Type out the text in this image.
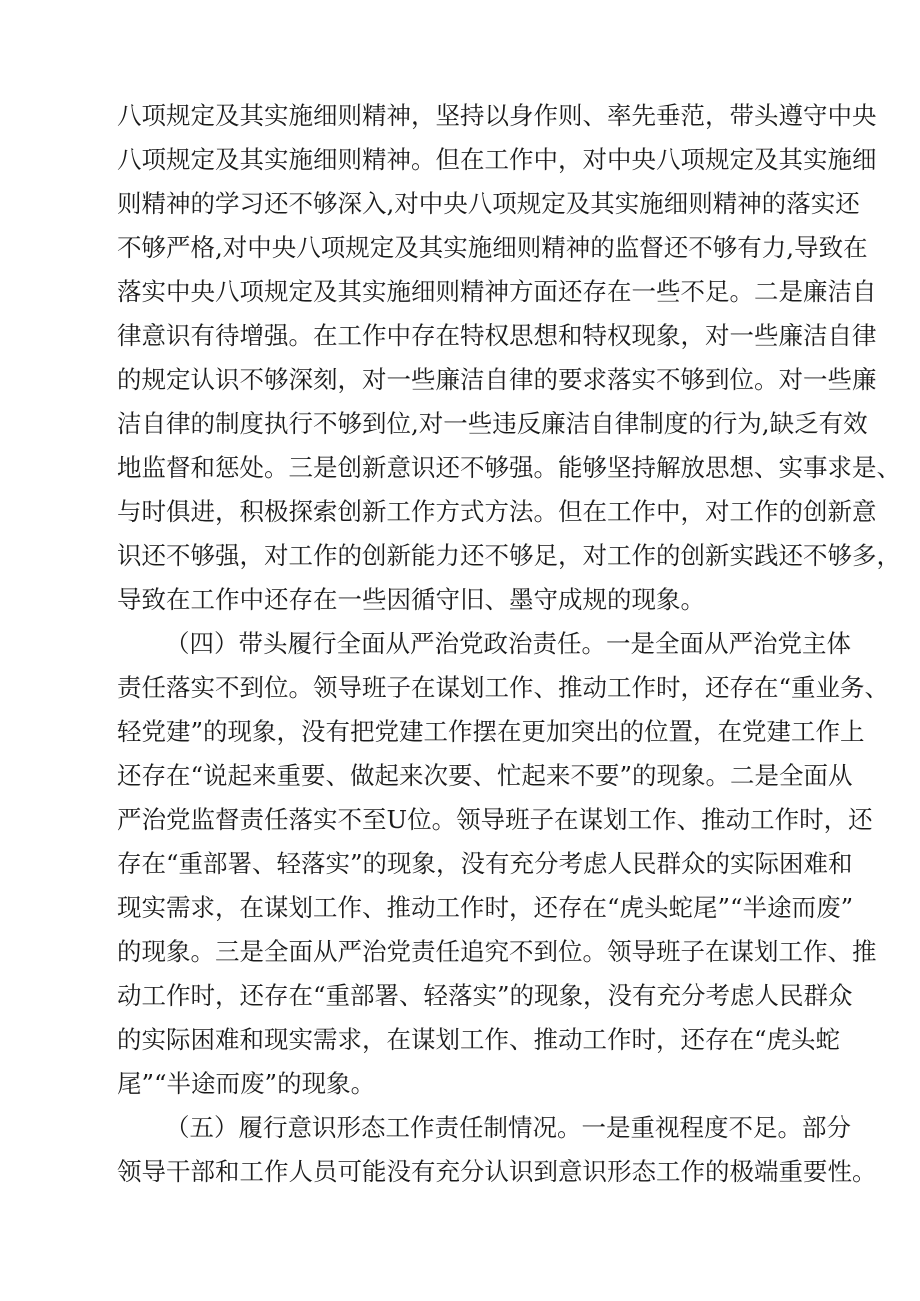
八项规定及其实施细则精神，坚持以身作则、率先垂范，带头遵守中央
八项规定及其实施细则精神。但在工作中，对中央八项规定及其实施细
则精神的学习还不够深入,对中央八项规定及其实施细则精神的落实还
不够严格,对中央八项规定及其实施细则精神的监督还不够有力,导致在
落实中央八项规定及其实施细则精神方面还存在一些不足。二是廉洁自
律意识有待增强。在工作中存在特权思想和特权现象，对一些廉洁自律
的规定认识不够深刻，对一些廉洁自律的要求落实不够到位。对一些廉
洁自律的制度执行不够到位,对一些违反廉洁自律制度的行为,缺乏有效
地监督和惩处。三是创新意识还不够强。能够坚持解放思想、实事求是、
与时俱进，积极探索创新工作方式方法。但在工作中，对工作的创新意
识还不够强，对工作的创新能力还不够足，对工作的创新实践还不够多，
导致在工作中还存在一些因循守旧、墨守成规的现象。
（四）带头履行全面从严治党政治责任。一是全面从严治党主体
责任落实不到位。领导班子在谋划工作、推动工作时，还存在“重业务、
轻党建”的现象，没有把党建工作摆在更加突出的位置，在党建工作上
还存在“说起来重要、做起来次要、忙起来不要”的现象。二是全面从
严治党监督责任落实不至U位。领导班子在谋划工作、推动工作时，还
存在“重部署、轻落实”的现象，没有充分考虑人民群众的实际困难和
现实需求，在谋划工作、推动工作时，还存在“虎头蛇尾”“半途而废”
的现象。三是全面从严治党责任追究不到位。领导班子在谋划工作、推
动工作时，还存在“重部署、轻落实”的现象，没有充分考虑人民群众
的实际困难和现实需求，在谋划工作、推动工作时，还存在“虎头蛇
尾”“半途而废”的现象。
（五）履行意识形态工作责任制情况。一是重视程度不足。部分
领导干部和工作人员可能没有充分认识到意识形态工作的极端重要性。
